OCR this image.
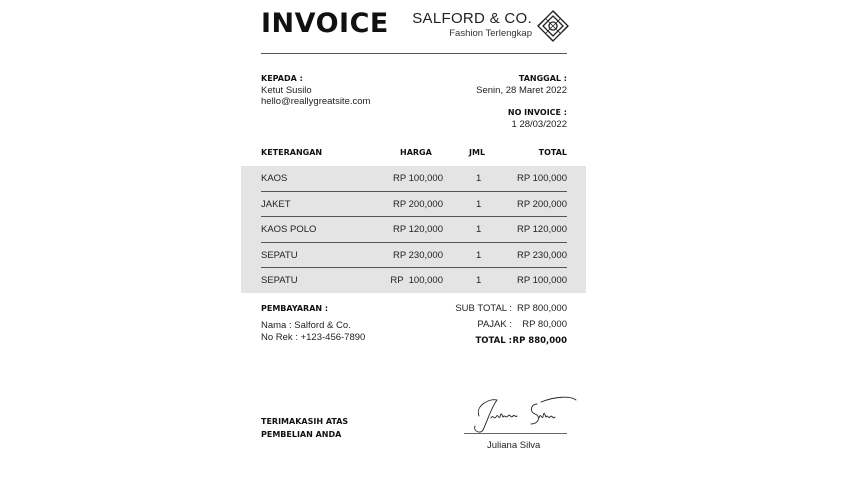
INVOICE SALFORD & CO.
Fashion Terlengkap
KEPADA :
Ketut Susilo
hello@reallygreatsite.com
TANGGAL :
Senin, 28 Maret 2022
NO INVOICE :
1 28/03/2022
KETERANGAN	HARGA	JML	TOTAL
KAOS	RP 100,000	1	RP 100,000
JAKET	RP 200,000	1	RP 200,000
KAOS POLO	RP 120,000	1	RP 120,000
SEPATU	RP 230,000	1	RP 230,000
SEPATU	RP  100,000	1	RP 100,000
PEMBAYARAN :
Nama : Salford & Co.
No Rek : +123-456-7890
SUB TOTAL : RP 800,000
PAJAK : RP 80,000
TOTAL : RP 880,000
TERIMAKASIH ATAS
PEMBELIAN ANDA
Juliana Silva
